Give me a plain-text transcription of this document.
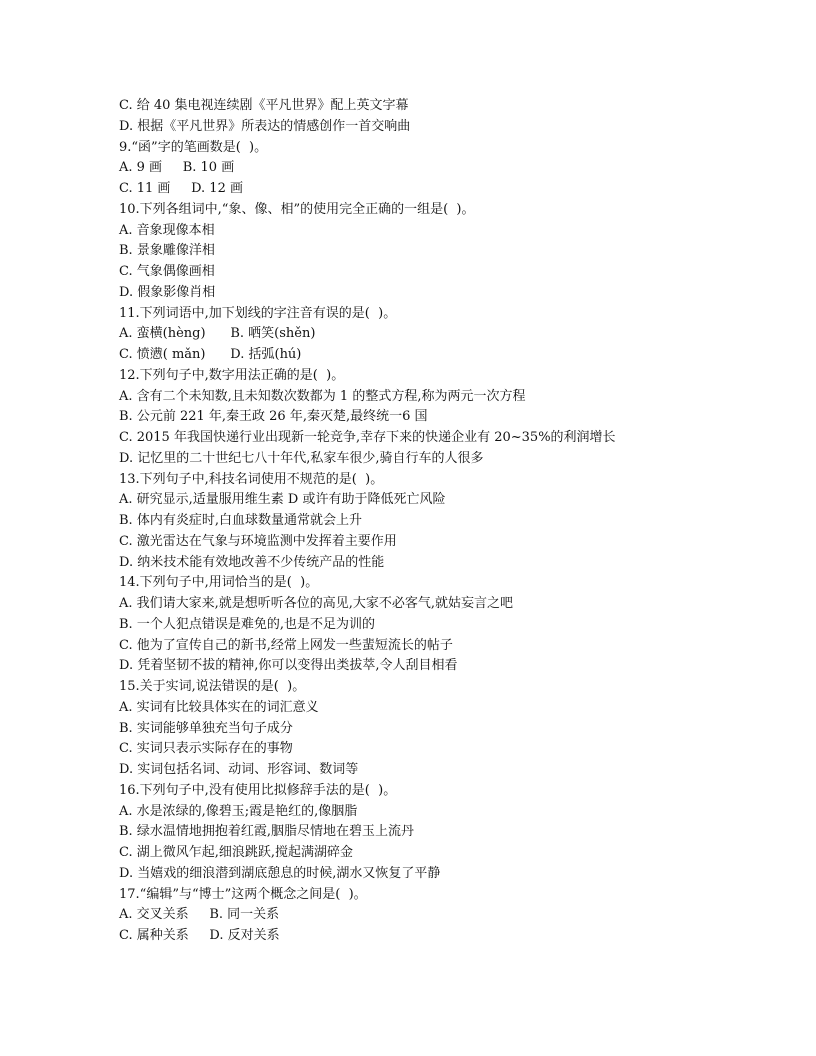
C. 给 40 集电视连续剧《平凡世界》配上英文字幕
D. 根据《平凡世界》所表达的情感创作一首交响曲
9.“函”字的笔画数是(  )。
A. 9 画     B. 10 画
C. 11 画     D. 12 画
10.下列各组词中,“象、像、相”的使用完全正确的一组是(  )。
A. 音象现像本相
B. 景象雕像洋相
C. 气象偶像画相
D. 假象影像肖相
11.下列词语中,加下划线的字注音有误的是(  )。
A. 蛮横(hèng)      B. 哂笑(shěn)
C. 愤懑( mǎn)      D. 括弧(hú)
12.下列句子中,数字用法正确的是(  )。
A. 含有二个未知数,且未知数次数都为 1 的整式方程,称为两元一次方程
B. 公元前 221 年,秦王政 26 年,秦灭楚,最终统一6 国
C. 2015 年我国快递行业出现新一轮竞争,幸存下来的快递企业有 20~35%的利润增长
D. 记忆里的二十世纪七八十年代,私家车很少,骑自行车的人很多
13.下列句子中,科技名词使用不规范的是(  )。
A. 研究显示,适量服用维生素 D 或许有助于降低死亡风险
B. 体内有炎症时,白血球数量通常就会上升
C. 激光雷达在气象与环境监测中发挥着主要作用
D. 纳米技术能有效地改善不少传统产品的性能
14.下列句子中,用词恰当的是(  )。
A. 我们请大家来,就是想听听各位的高见,大家不必客气,就姑妄言之吧
B. 一个人犯点错误是难免的,也是不足为训的
C. 他为了宣传自己的新书,经常上网发一些蜚短流长的帖子
D. 凭着坚韧不拔的精神,你可以变得出类拔萃,令人刮目相看
15.关于实词,说法错误的是(  )。
A. 实词有比较具体实在的词汇意义
B. 实词能够单独充当句子成分
C. 实词只表示实际存在的事物
D. 实词包括名词、动词、形容词、数词等
16.下列句子中,没有使用比拟修辞手法的是(  )。
A. 水是浓绿的,像碧玉;霞是艳红的,像胭脂
B. 绿水温情地拥抱着红霞,胭脂尽情地在碧玉上流丹
C. 湖上微风乍起,细浪跳跃,搅起满湖碎金
D. 当嬉戏的细浪潜到湖底憩息的时候,湖水又恢复了平静
17.“编辑”与“博士”这两个概念之间是(  )。
A. 交叉关系     B. 同一关系
C. 属种关系     D. 反对关系
